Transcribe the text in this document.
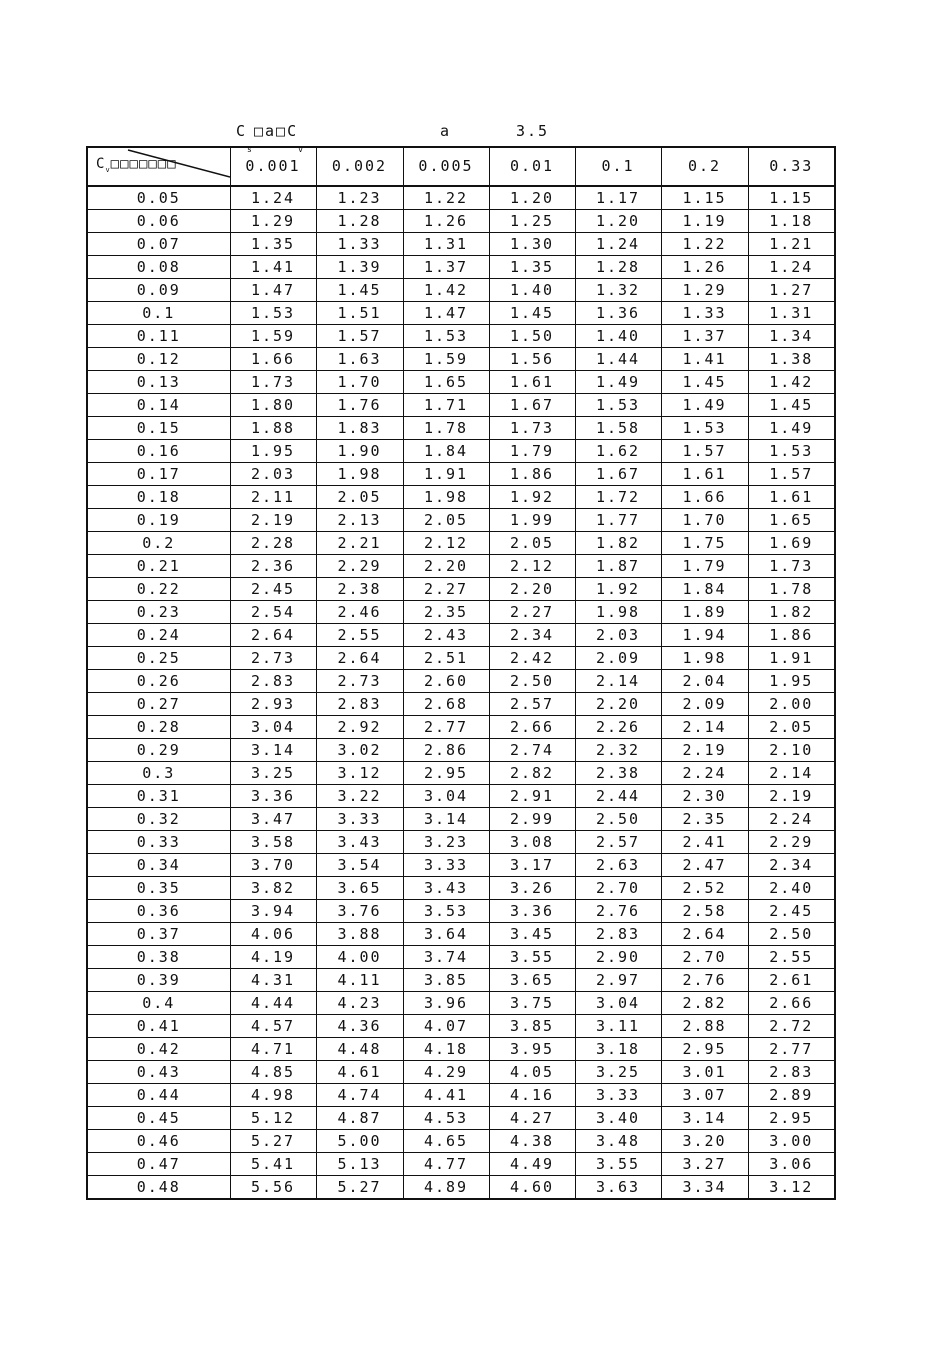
$C_s$
$□a□C_v$
a	3.5
$C_v□□□□□□□$	0.001	0.002	0.005	0.01	0.1	0.2	0.33
0.05	1.24	1.23	1.22	1.20	1.17	1.15	1.15
0.06	1.29	1.28	1.26	1.25	1.20	1.19	1.18
0.07	1.35	1.33	1.31	1.30	1.24	1.22	1.21
0.08	1.41	1.39	1.37	1.35	1.28	1.26	1.24
0.09	1.47	1.45	1.42	1.40	1.32	1.29	1.27
0.1	1.53	1.51	1.47	1.45	1.36	1.33	1.31
0.11	1.59	1.57	1.53	1.50	1.40	1.37	1.34
0.12	1.66	1.63	1.59	1.56	1.44	1.41	1.38
0.13	1.73	1.70	1.65	1.61	1.49	1.45	1.42
0.14	1.80	1.76	1.71	1.67	1.53	1.49	1.45
0.15	1.88	1.83	1.78	1.73	1.58	1.53	1.49
0.16	1.95	1.90	1.84	1.79	1.62	1.57	1.53
0.17	2.03	1.98	1.91	1.86	1.67	1.61	1.57
0.18	2.11	2.05	1.98	1.92	1.72	1.66	1.61
0.19	2.19	2.13	2.05	1.99	1.77	1.70	1.65
0.2	2.28	2.21	2.12	2.05	1.82	1.75	1.69
0.21	2.36	2.29	2.20	2.12	1.87	1.79	1.73
0.22	2.45	2.38	2.27	2.20	1.92	1.84	1.78
0.23	2.54	2.46	2.35	2.27	1.98	1.89	1.82
0.24	2.64	2.55	2.43	2.34	2.03	1.94	1.86
0.25	2.73	2.64	2.51	2.42	2.09	1.98	1.91
0.26	2.83	2.73	2.60	2.50	2.14	2.04	1.95
0.27	2.93	2.83	2.68	2.57	2.20	2.09	2.00
0.28	3.04	2.92	2.77	2.66	2.26	2.14	2.05
0.29	3.14	3.02	2.86	2.74	2.32	2.19	2.10
0.3	3.25	3.12	2.95	2.82	2.38	2.24	2.14
0.31	3.36	3.22	3.04	2.91	2.44	2.30	2.19
0.32	3.47	3.33	3.14	2.99	2.50	2.35	2.24
0.33	3.58	3.43	3.23	3.08	2.57	2.41	2.29
0.34	3.70	3.54	3.33	3.17	2.63	2.47	2.34
0.35	3.82	3.65	3.43	3.26	2.70	2.52	2.40
0.36	3.94	3.76	3.53	3.36	2.76	2.58	2.45
0.37	4.06	3.88	3.64	3.45	2.83	2.64	2.50
0.38	4.19	4.00	3.74	3.55	2.90	2.70	2.55
0.39	4.31	4.11	3.85	3.65	2.97	2.76	2.61
0.4	4.44	4.23	3.96	3.75	3.04	2.82	2.66
0.41	4.57	4.36	4.07	3.85	3.11	2.88	2.72
0.42	4.71	4.48	4.18	3.95	3.18	2.95	2.77
0.43	4.85	4.61	4.29	4.05	3.25	3.01	2.83
0.44	4.98	4.74	4.41	4.16	3.33	3.07	2.89
0.45	5.12	4.87	4.53	4.27	3.40	3.14	2.95
0.46	5.27	5.00	4.65	4.38	3.48	3.20	3.00
0.47	5.41	5.13	4.77	4.49	3.55	3.27	3.06
0.48	5.56	5.27	4.89	4.60	3.63	3.34	3.12
